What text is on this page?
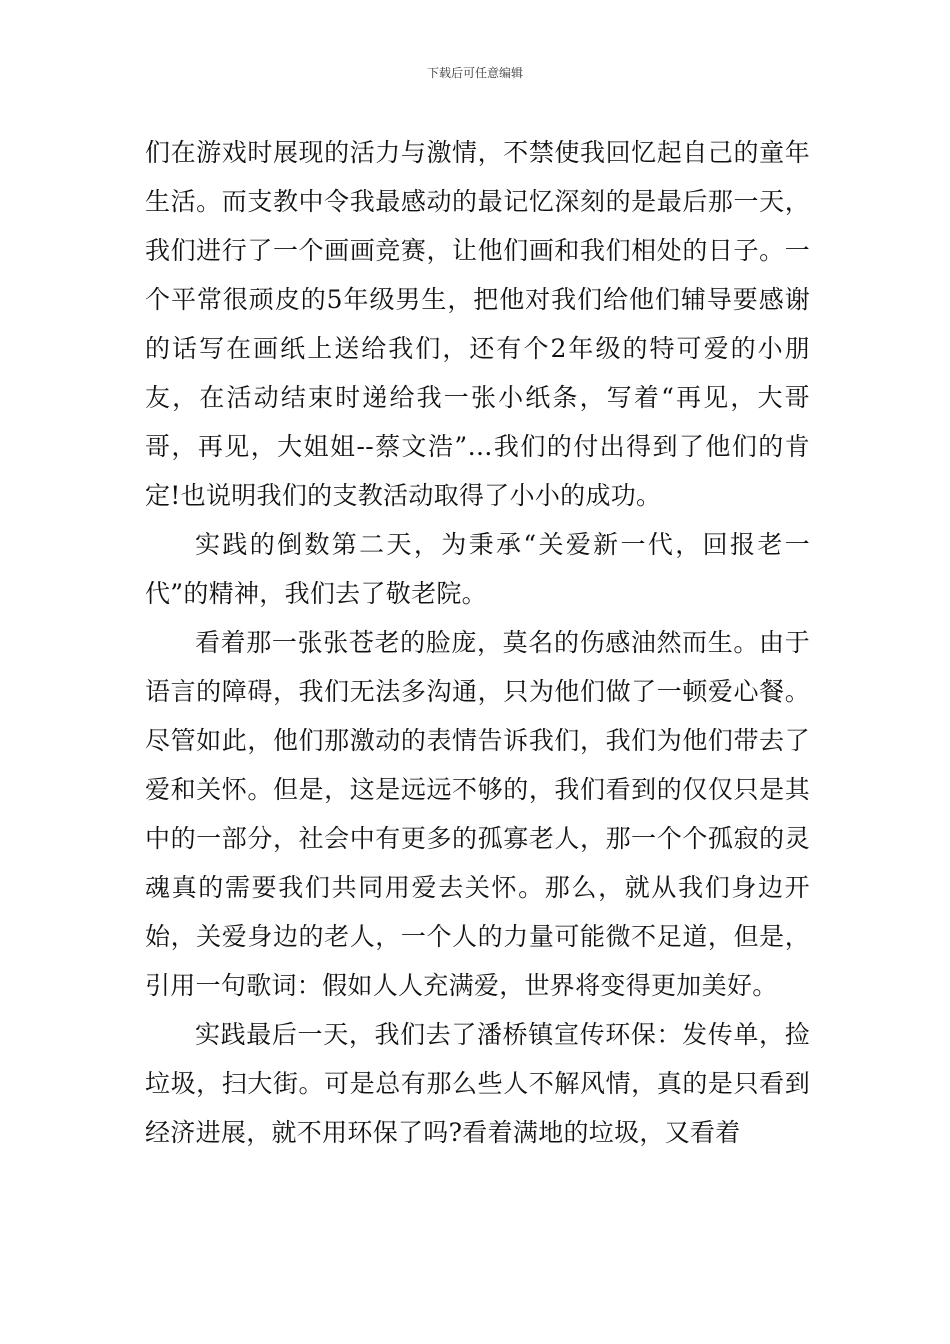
下载后可任意编辑

们在游戏时展现的活力与激情，不禁使我回忆起自己的童年生活。而支教中令我最感动的最记忆深刻的是最后那一天，我们进行了一个画画竞赛，让他们画和我们相处的日子。一个平常很顽皮的5年级男生，把他对我们给他们辅导要感谢的话写在画纸上送给我们，还有个2年级的特可爱的小朋友，在活动结束时递给我一张小纸条，写着“再见，大哥哥，再见，大姐姐--蔡文浩”…我们的付出得到了他们的肯定!也说明我们的支教活动取得了小小的成功。

实践的倒数第二天，为秉承“关爱新一代，回报老一代”的精神，我们去了敬老院。

看着那一张张苍老的脸庞，莫名的伤感油然而生。由于语言的障碍，我们无法多沟通，只为他们做了一顿爱心餐。尽管如此，他们那激动的表情告诉我们，我们为他们带去了爱和关怀。但是，这是远远不够的，我们看到的仅仅只是其中的一部分，社会中有更多的孤寡老人，那一个个孤寂的灵魂真的需要我们共同用爱去关怀。那么，就从我们身边开始，关爱身边的老人，一个人的力量可能微不足道，但是，引用一句歌词：假如人人充满爱，世界将变得更加美好。

实践最后一天，我们去了潘桥镇宣传环保：发传单，捡垃圾，扫大街。可是总有那么些人不解风情，真的是只看到经济进展，就不用环保了吗?看着满地的垃圾，又看着
